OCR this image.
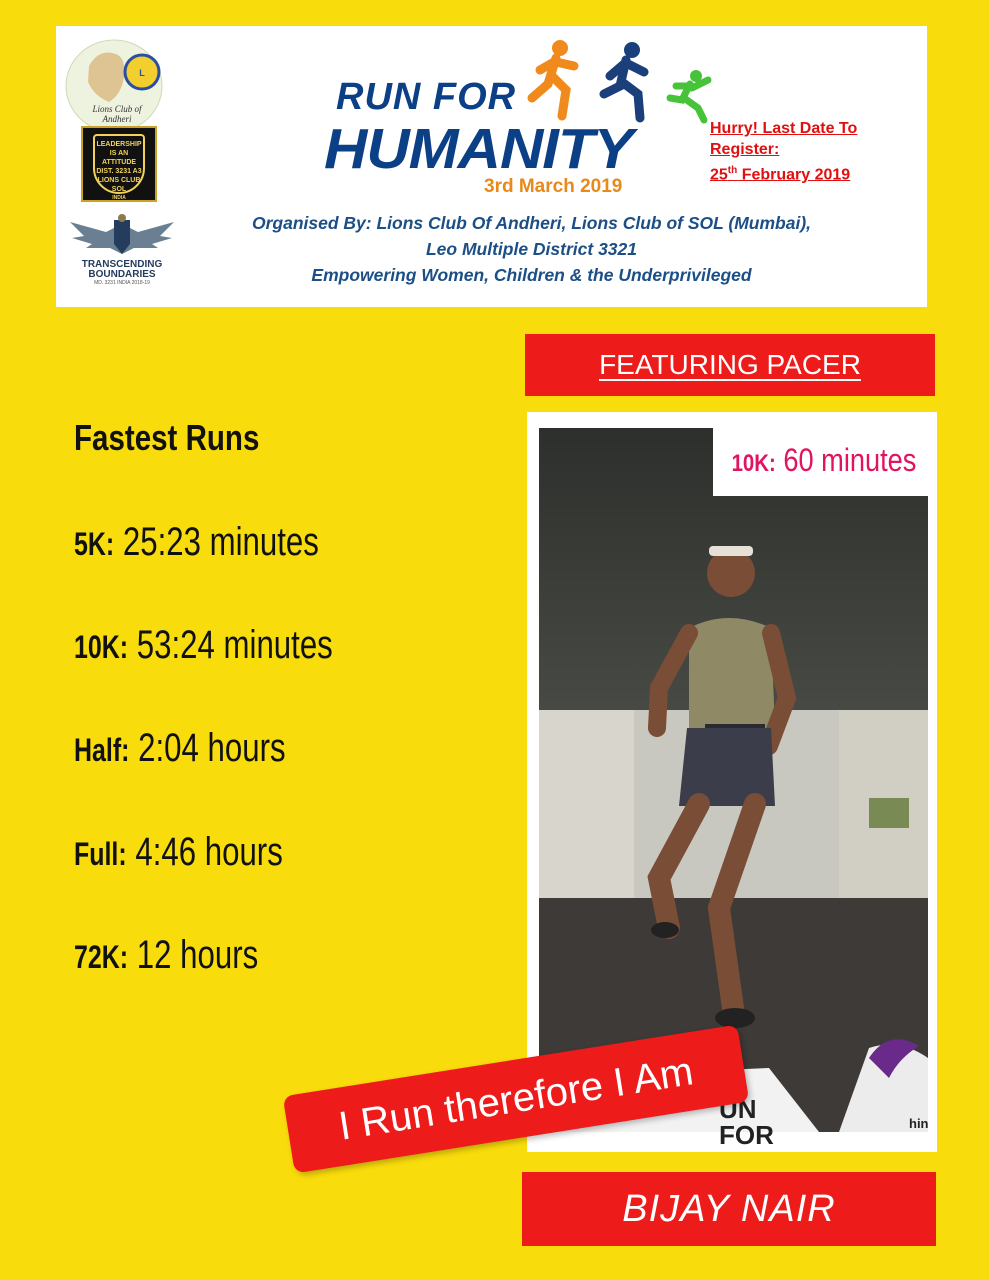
L
Lions Club of Andheri
LEADERSHIP
IS AN ATTITUDE
DIST. 3231 A3
LIONS CLUB
SOL
INDIA
TRANSCENDING BOUNDARIES
MD. 3231 INDIA 2018-19
RUN FOR
HUMANITY
3rd March 2019
Hurry! Last Date To
Register:
25th February 2019
Organised By: Lions Club Of Andheri, Lions Club of SOL (Mumbai),
Leo Multiple District 3321
Empowering Women, Children & the Underprivileged
FEATURING PACER
Fastest Runs
5K: 25:23 minutes
10K: 53:24 minutes
Half: 2:04 hours
Full: 4:46 hours
72K: 12 hours
UN
FOR	hin
10K: 60 minutes
I Run therefore I Am
BIJAY NAIR
